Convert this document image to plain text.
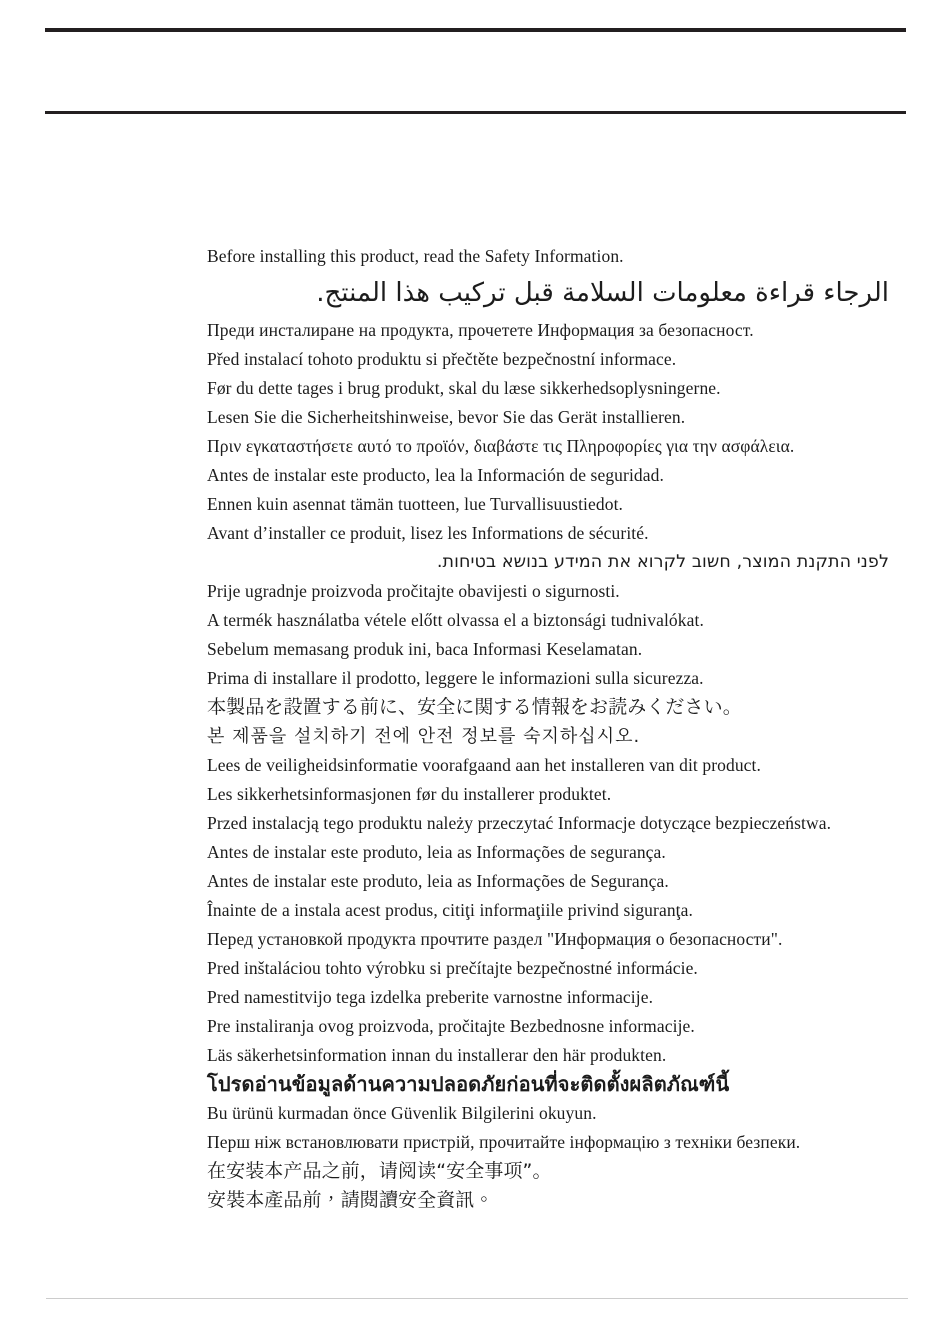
Before installing this product, read the Safety Information.
الرجاء قراءة معلومات السلامة قبل تركيب هذا المنتج.
Преди инсталиране на продукта, прочетете Информация за безопасност.
Před instalací tohoto produktu si přečtěte bezpečnostní informace.
Før du dette tages i brug produkt, skal du læse sikkerhedsoplysningerne.
Lesen Sie die Sicherheitshinweise, bevor Sie das Gerät installieren.
Πριν εγκαταστήσετε αυτό το προϊόν, διαβάστε τις Πληροφορίες για την ασφάλεια.
Antes de instalar este producto, lea la Información de seguridad.
Ennen kuin asennat tämän tuotteen, lue Turvallisuustiedot.
Avant d’installer ce produit, lisez les Informations de sécurité.
לפני התקנת המוצר, חשוב לקרוא את המידע בנושא בטיחות.
Prije ugradnje proizvoda pročitajte obavijesti o sigurnosti.
A termék használatba vétele előtt olvassa el a biztonsági tudnivalókat.
Sebelum memasang produk ini, baca Informasi Keselamatan.
Prima di installare il prodotto, leggere le informazioni sulla sicurezza.
本製品を設置する前に、安全に関する情報をお読みください。
본 제품을 설치하기 전에 안전 정보를 숙지하십시오.
Lees de veiligheidsinformatie voorafgaand aan het installeren van dit product.
Les sikkerhetsinformasjonen før du installerer produktet.
Przed instalacją tego produktu należy przeczytać Informacje dotyczące bezpieczeństwa.
Antes de instalar este produto, leia as Informações de segurança.
Antes de instalar este produto, leia as Informações de Segurança.
Înainte de a instala acest produs, citiţi informaţiile privind siguranţa.
Перед установкой продукта прочтите раздел "Информация о безопасности".
Pred inštaláciou tohto výrobku si prečítajte bezpečnostné informácie.
Pred namestitvijo tega izdelka preberite varnostne informacije.
Pre instaliranja ovog proizvoda, pročitajte Bezbednosne informacije.
Läs säkerhetsinformation innan du installerar den här produkten.
โปรดอ่านข้อมูลด้านความปลอดภัยก่อนที่จะติดตั้งผลิตภัณฑ์นี้
Bu ürünü kurmadan önce Güvenlik Bilgilerini okuyun.
Перш ніж встановлювати пристрій, прочитайте інформацію з техніки безпеки.
在安装本产品之前，请阅读“安全事项”。
安裝本產品前，請閱讀安全資訊。
